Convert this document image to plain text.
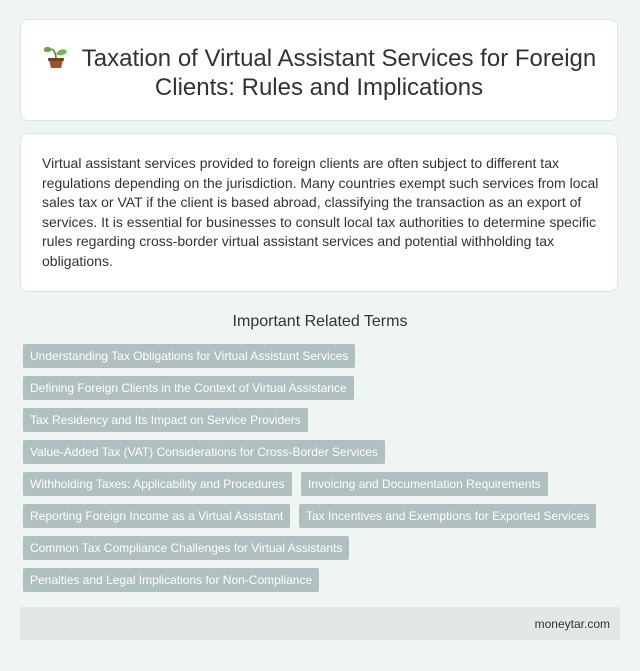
Taxation of Virtual Assistant Services for Foreign Clients: Rules and Implications

Virtual assistant services provided to foreign clients are often subject to different tax regulations depending on the jurisdiction. Many countries exempt such services from local sales tax or VAT if the client is based abroad, classifying the transaction as an export of services. It is essential for businesses to consult local tax authorities to determine specific rules regarding cross-border virtual assistant services and potential withholding tax obligations.

Important Related Terms
Understanding Tax Obligations for Virtual Assistant Services
Defining Foreign Clients in the Context of Virtual Assistance
Tax Residency and Its Impact on Service Providers
Value-Added Tax (VAT) Considerations for Cross-Border Services
Withholding Taxes: Applicability and Procedures	Invoicing and Documentation Requirements
Reporting Foreign Income as a Virtual Assistant	Tax Incentives and Exemptions for Exported Services
Common Tax Compliance Challenges for Virtual Assistants
Penalties and Legal Implications for Non-Compliance
moneytar.com
